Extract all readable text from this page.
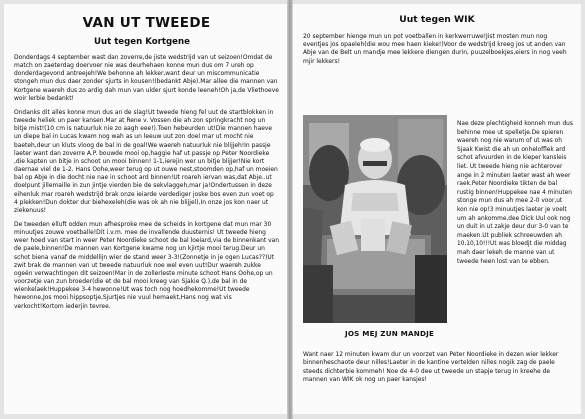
VAN UT TWEEDE
Uut tegen Kortgene

Donderdags 4 september wast dan zoverre,de jiste wedstrijd van ut seizoen!Omdat de match on zaeterdag doervoer nie was deurhehaen konne mun dus om 7 ureh op donderdagevond antreejeh!We behonne ah lekker,want deur un miscommunicatie stongeh mun dus daer zonder sjurts in kousen!(bedankt Abje).Mar allee die mannen van Kortgene waereh dus zo ardig dah mun van ulder sjurt konde leeneh!Oh ja,de Vliethoeve woir lerbie bedankt!

Ondanks dit alles konne mun dus an de slag!Ut tweede hieng fel uut de startblokken in tweede heliek un paer kansen.Mar at Rene v. Vossen die ah zon springkracht nog un bitje mist!(10 cm is natuurluk nie zo aagh eee!).Toen hebeurden ut!Die mannen haeve un diepe bal in Lucas kwam nog wah as un leeuw uut zon doel mar ut mocht nie baeteh,deur un kluts vloog de bal in de goal!We waereh natuurluk nie blijjeh!In passje laeter want dan zoverre A.P. bouwde mooi op,haggie haf ut passje op Peter Noordieke ,die kapten un bitje in schoot un mooi binnen! 1-1,ierejin wer un bitje blijjer!Nie kort daernae viel de 1-2. Hans Oohe,weer terug op ut ouwe nest,stoomden op,haf un moeien bal op Abje in die docht nie nae in schoot ard binnen!Ut roareh iervan was,dat Abje..ut doelpunt jillemaille in zun jintje vierden bie de sekvlaggeh,mar ja!Ondertussen in deze eihenluk mar roareh wedstrijd brak onze ieiarde verdediger joske bos even zun voet op 4 plekken!Dun dokter dur biehexeleh(die was ok ah nie blijjel),In onze jos kon naer ut ziekenuus!

De tweeden elluft odden mun afhesproke mee de scheids in kortgene dat mun mar 30 minuutjes zouwe voetballe!Dit i.v.m. mee de invallende duusternis! Ut tweede hieng weer hoed van start in weer Peter Noordieke schoot de bal loeiard,via de binnenkant van de paele,binnen!De mannen van Kortgene kwame nog un kjirtje mooi terug.Deur un schot biena vanaf de middellijn wier de stand weer 3-3!(Zonnetje in je ogen Lucas??)Ut zwit brak de mannen van ut tweede natuurluk noe wel even uut!Dur waereh zukke ogeën verwachtingen dit seizoen!Mar in de zollerleste minute schoot Hans Oohe,op un voorzetje van zun broeder(die et de bal mooi kreeg van Sjakie Q.),de bal in de wienkelaek!Huppekee 3-4 hewonne!Ut was toch nog hoedhekomme!Ut tweede hewonne,Jos mooi hippsoptje,Sjurtjes nie vuul hemaekt,Hans nog wat vis verkocht!Kortom iederjin tevree.

Uut tegen WIK

20 september hienge mun un pot voetballen in kerkwerruwe!Jist mosten mun nog eventjes jos opaeleh(die wou mee haen kieke!)Voor de wedstrijd kreeg jos ut anden van Abje van de Belt un mandje mee lekkere diengen durin, puuzelboekjes,eiers in nog veeh mjir lekkers!

Nae deze plechtigheid konneh mun dus behinne mee ut spelletje.De spieren waereh nog nie warum of ut was oh Sjaak Kwist die ah un onhelofflek ard schot afvuurden in de kieper kansleis liet. Ut tweede hieng nie achterover ange in 2 minuten laeter wast ah weer raek.Peter Noordieke tikten de bal rustig binnen!Huppekee nae 4 minuten stonge mun dus ah mee 2-0 voor,ut kon nie op!3 minuutjes laeter je voelt um ah ankomme,dee Dick Uul ook nog un duit in ut zakje deur dur 3-0 van te maeken.Ut publiek schreeuwden ah 10,10,10!!!Ut was bloedjt die middag mah daer lekeh de manne van ut tweede heen lost van te ebben.

JOS MEJ ZUN MANDJE

Want naer 12 minuten kwam dur un voorzet van Peter Noordieke in dezen wier lekker binnenheschaote deur nilles!Laeter in de kantine vertelden nilles nogik zag de paele steeds dichterbie kommeh! Noe de 4-0 dee ut tweede un stapje terug in kreehe de mannen van WIK ok nog un paer kansjes!
